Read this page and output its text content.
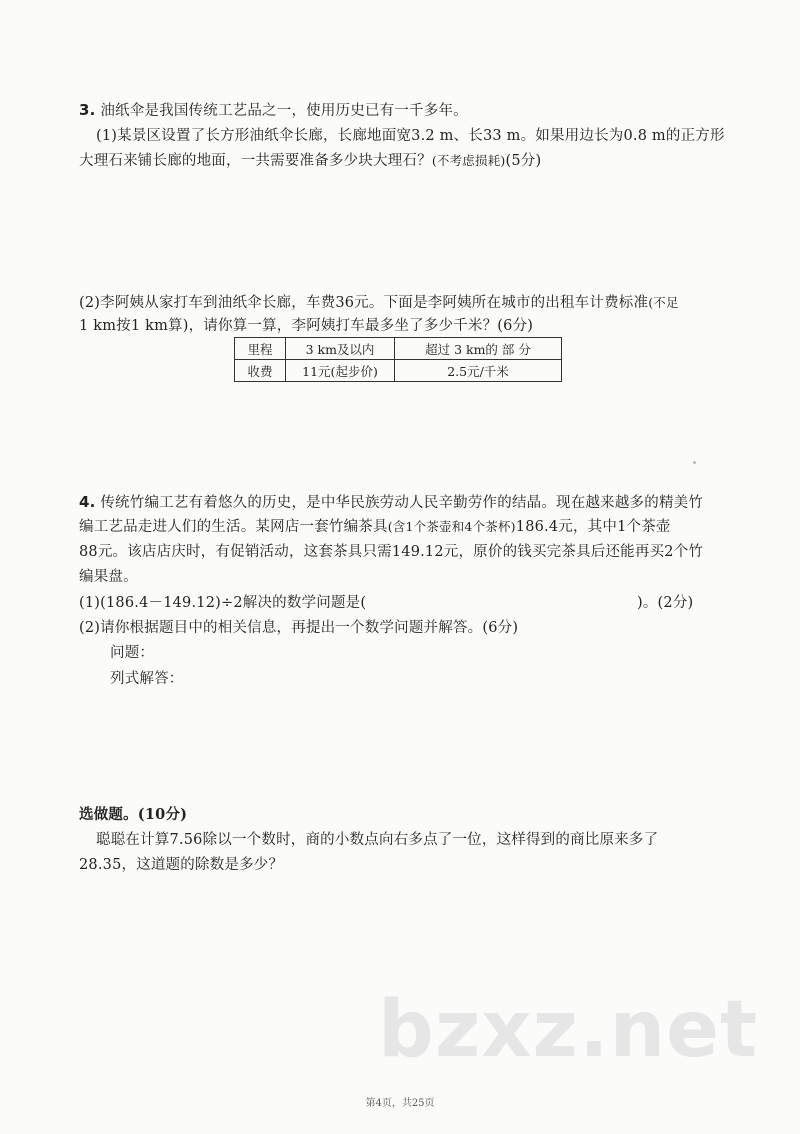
3. 油纸伞是我国传统工艺品之一，使用历史已有一千多年。
(1)某景区设置了长方形油纸伞长廊，长廊地面宽3.2 m、长33 m。如果用边长为0.8 m的正方形
大理石来铺长廊的地面，一共需要准备多少块大理石？(不考虑损耗)(5分)
(2)李阿姨从家打车到油纸伞长廊，车费36元。下面是李阿姨所在城市的出租车计费标准(不足
1 km按1 km算)，请你算一算，李阿姨打车最多坐了多少千米？(6分)
里程	3 km及以内	超过 3 km的 部 分
收费	11元(起步价)	2.5元/千米
4. 传统竹编工艺有着悠久的历史，是中华民族劳动人民辛勤劳作的结晶。现在越来越多的精美竹
编工艺品走进人们的生活。某网店一套竹编茶具(含1个茶壶和4个茶杯)186.4元，其中1个茶壶
88元。该店店庆时，有促销活动，这套茶具只需149.12元，原价的钱买完茶具后还能再买2个竹
编果盘。
(1)(186.4－149.12)÷2解决的数学问题是(	)。(2分)
(2)请你根据题目中的相关信息，再提出一个数学问题并解答。(6分)
问题：
列式解答：
选做题。(10分)
聪聪在计算7.56除以一个数时，商的小数点向右多点了一位，这样得到的商比原来多了
28.35，这道题的除数是多少？
bzxz.net
第4页，共25页
